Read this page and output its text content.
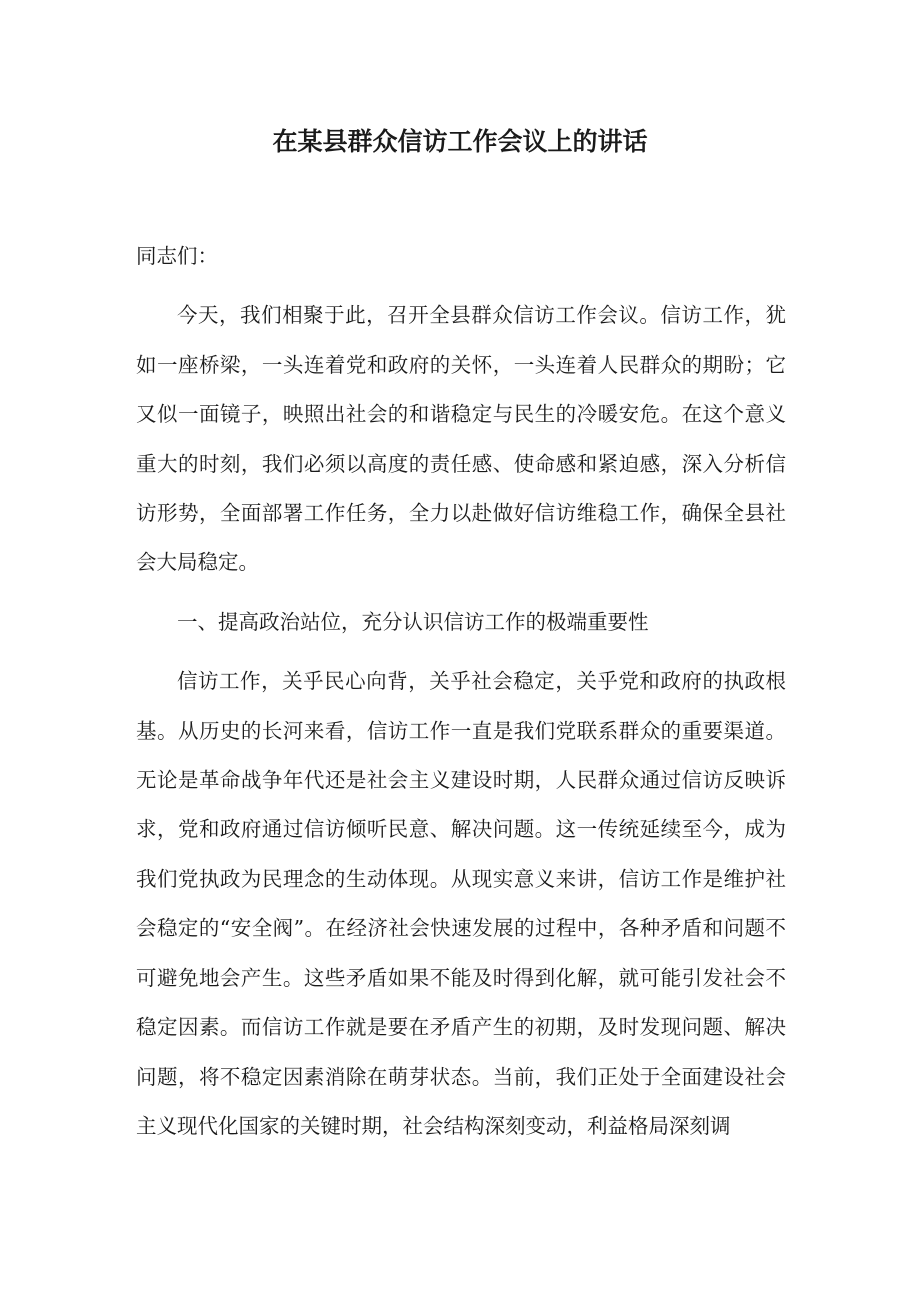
在某县群众信访工作会议上的讲话

同志们：

今天，我们相聚于此，召开全县群众信访工作会议。信访工作，犹如一座桥梁，一头连着党和政府的关怀，一头连着人民群众的期盼；它又似一面镜子，映照出社会的和谐稳定与民生的冷暖安危。在这个意义重大的时刻，我们必须以高度的责任感、使命感和紧迫感，深入分析信访形势，全面部署工作任务，全力以赴做好信访维稳工作，确保全县社会大局稳定。

一、提高政治站位，充分认识信访工作的极端重要性

信访工作，关乎民心向背，关乎社会稳定，关乎党和政府的执政根基。从历史的长河来看，信访工作一直是我们党联系群众的重要渠道。无论是革命战争年代还是社会主义建设时期，人民群众通过信访反映诉求，党和政府通过信访倾听民意、解决问题。这一传统延续至今，成为我们党执政为民理念的生动体现。从现实意义来讲，信访工作是维护社会稳定的“安全阀”。在经济社会快速发展的过程中，各种矛盾和问题不可避免地会产生。这些矛盾如果不能及时得到化解，就可能引发社会不稳定因素。而信访工作就是要在矛盾产生的初期，及时发现问题、解决问题，将不稳定因素消除在萌芽状态。当前，我们正处于全面建设社会主义现代化国家的关键时期，社会结构深刻变动，利益格局深刻调
